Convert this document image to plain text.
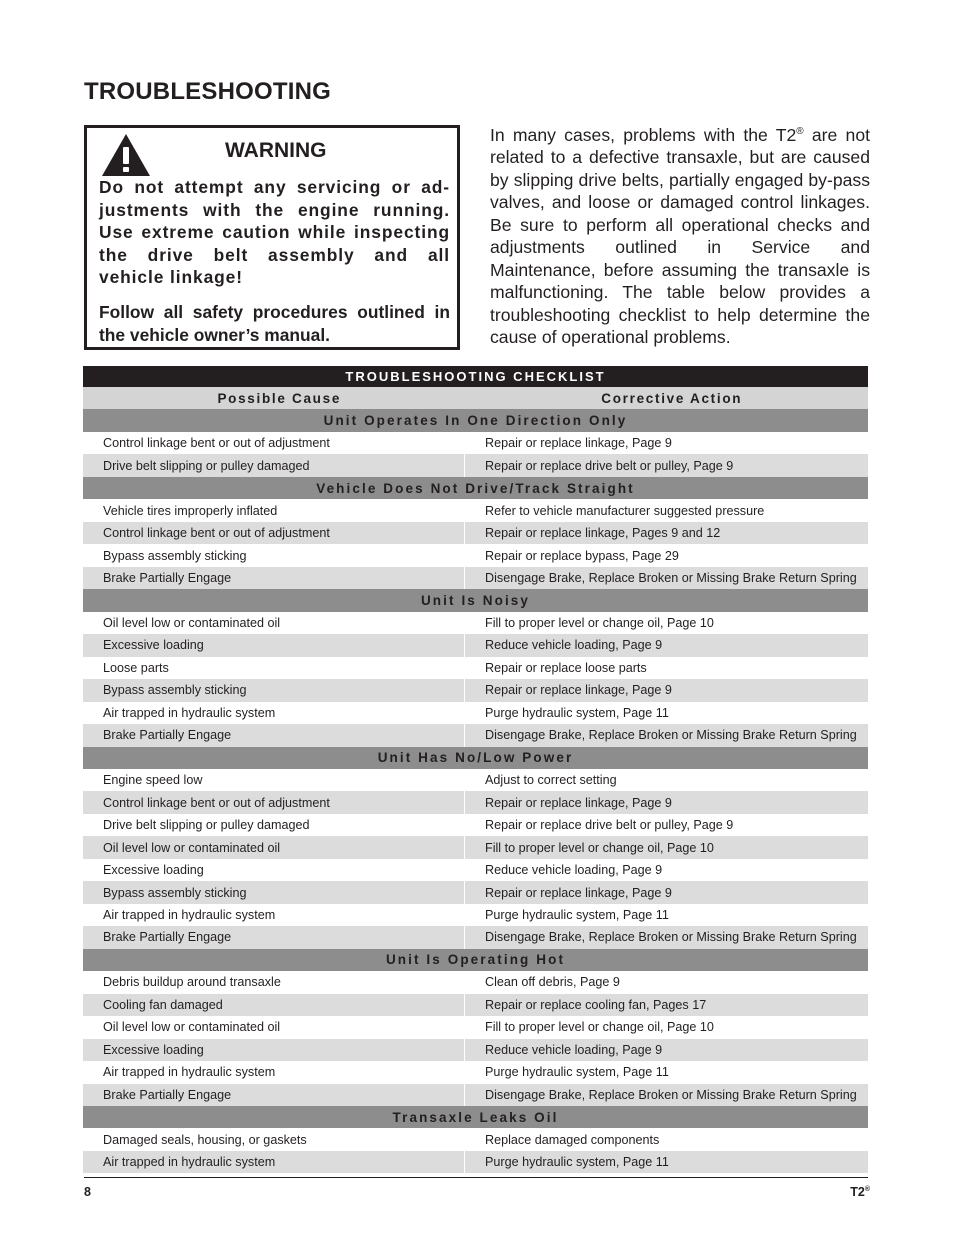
TROUBLESHOOTING
WARNING

Do not attempt any servicing or ad-justments with the engine running. Use extreme caution while inspecting the drive belt assembly and all vehicle linkage!

Follow all safety procedures outlined in the vehicle owner’s manual.

In many cases, problems with the T2® are not related to a defective transaxle, but are caused by slipping drive belts, partially engaged by-pass valves, and loose or damaged control linkages. Be sure to perform all operational checks and adjustments outlined in Service and Maintenance, before assuming the transaxle is malfunctioning. The table below provides a troubleshooting checklist to help determine the cause of operational problems.

TROUBLESHOOTING CHECKLIST
Possible Cause	Corrective Action
Unit Operates In One Direction Only
Control linkage bent or out of adjustment	Repair or replace linkage, Page 9
Drive belt slipping or pulley damaged	Repair or replace drive belt or pulley, Page 9
Vehicle Does Not Drive/Track Straight
Vehicle tires improperly inflated	Refer to vehicle manufacturer suggested pressure
Control linkage bent or out of adjustment	Repair or replace linkage, Pages 9 and 12
Bypass assembly sticking	Repair or replace bypass, Page 29
Brake Partially Engage	Disengage Brake, Replace Broken or Missing Brake Return Spring
Unit Is Noisy
Oil level low or contaminated oil	Fill to proper level or change oil, Page 10
Excessive loading	Reduce vehicle loading, Page 9
Loose parts	Repair or replace loose parts
Bypass assembly sticking	Repair or replace linkage, Page 9
Air trapped in hydraulic system	Purge hydraulic system, Page 11
Brake Partially Engage	Disengage Brake, Replace Broken or Missing Brake Return Spring
Unit Has No/Low Power
Engine speed low	Adjust to correct setting
Control linkage bent or out of adjustment	Repair or replace linkage, Page 9
Drive belt slipping or pulley damaged	Repair or replace drive belt or pulley, Page 9
Oil level low or contaminated oil	Fill to proper level or change oil, Page 10
Excessive loading	Reduce vehicle loading, Page 9
Bypass assembly sticking	Repair or replace linkage, Page 9
Air trapped in hydraulic system	Purge hydraulic system, Page 11
Brake Partially Engage	Disengage Brake, Replace Broken or Missing Brake Return Spring
Unit Is Operating Hot
Debris buildup around transaxle	Clean off debris, Page 9
Cooling fan damaged	Repair or replace cooling fan, Pages 17
Oil level low or contaminated oil	Fill to proper level or change oil, Page 10
Excessive loading	Reduce vehicle loading, Page 9
Air trapped in hydraulic system	Purge hydraulic system, Page 11
Brake Partially Engage	Disengage Brake, Replace Broken or Missing Brake Return Spring
Transaxle Leaks Oil
Damaged seals, housing, or gaskets	Replace damaged components
Air trapped in hydraulic system	Purge hydraulic system, Page 11
8	T2®
